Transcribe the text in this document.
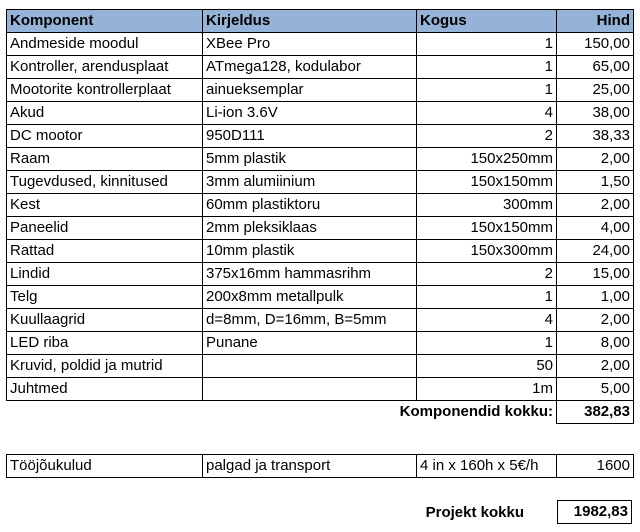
Komponent	Kirjeldus	Kogus	Hind
Andmeside moodul	XBee Pro	1	150,00
Kontroller, arendusplaat	ATmega128, kodulabor	1	65,00
Mootorite kontrollerplaat	ainueksemplar	1	25,00
Akud	Li-ion 3.6V	4	38,00
DC mootor	950D111	2	38,33
Raam	5mm plastik	150x250mm	2,00
Tugevdused, kinnitused	3mm alumiinium	150x150mm	1,50
Kest	60mm plastiktoru	300mm	2,00
Paneelid	2mm pleksiklaas	150x150mm	4,00
Rattad	10mm plastik	150x300mm	24,00
Lindid	375x16mm hammasrihm	2	15,00
Telg	200x8mm metallpulk	1	1,00
Kuullaagrid	d=8mm, D=16mm, B=5mm	4	2,00
LED riba	Punane	1	8,00
Kruvid, poldid ja mutrid		50	2,00
Juhtmed		1m	5,00
	Komponendid kokku:		382,83
Tööjõukulud	palgad ja transport	4 in x 160h x 5€/h	1600
Projekt kokku	1982,83
